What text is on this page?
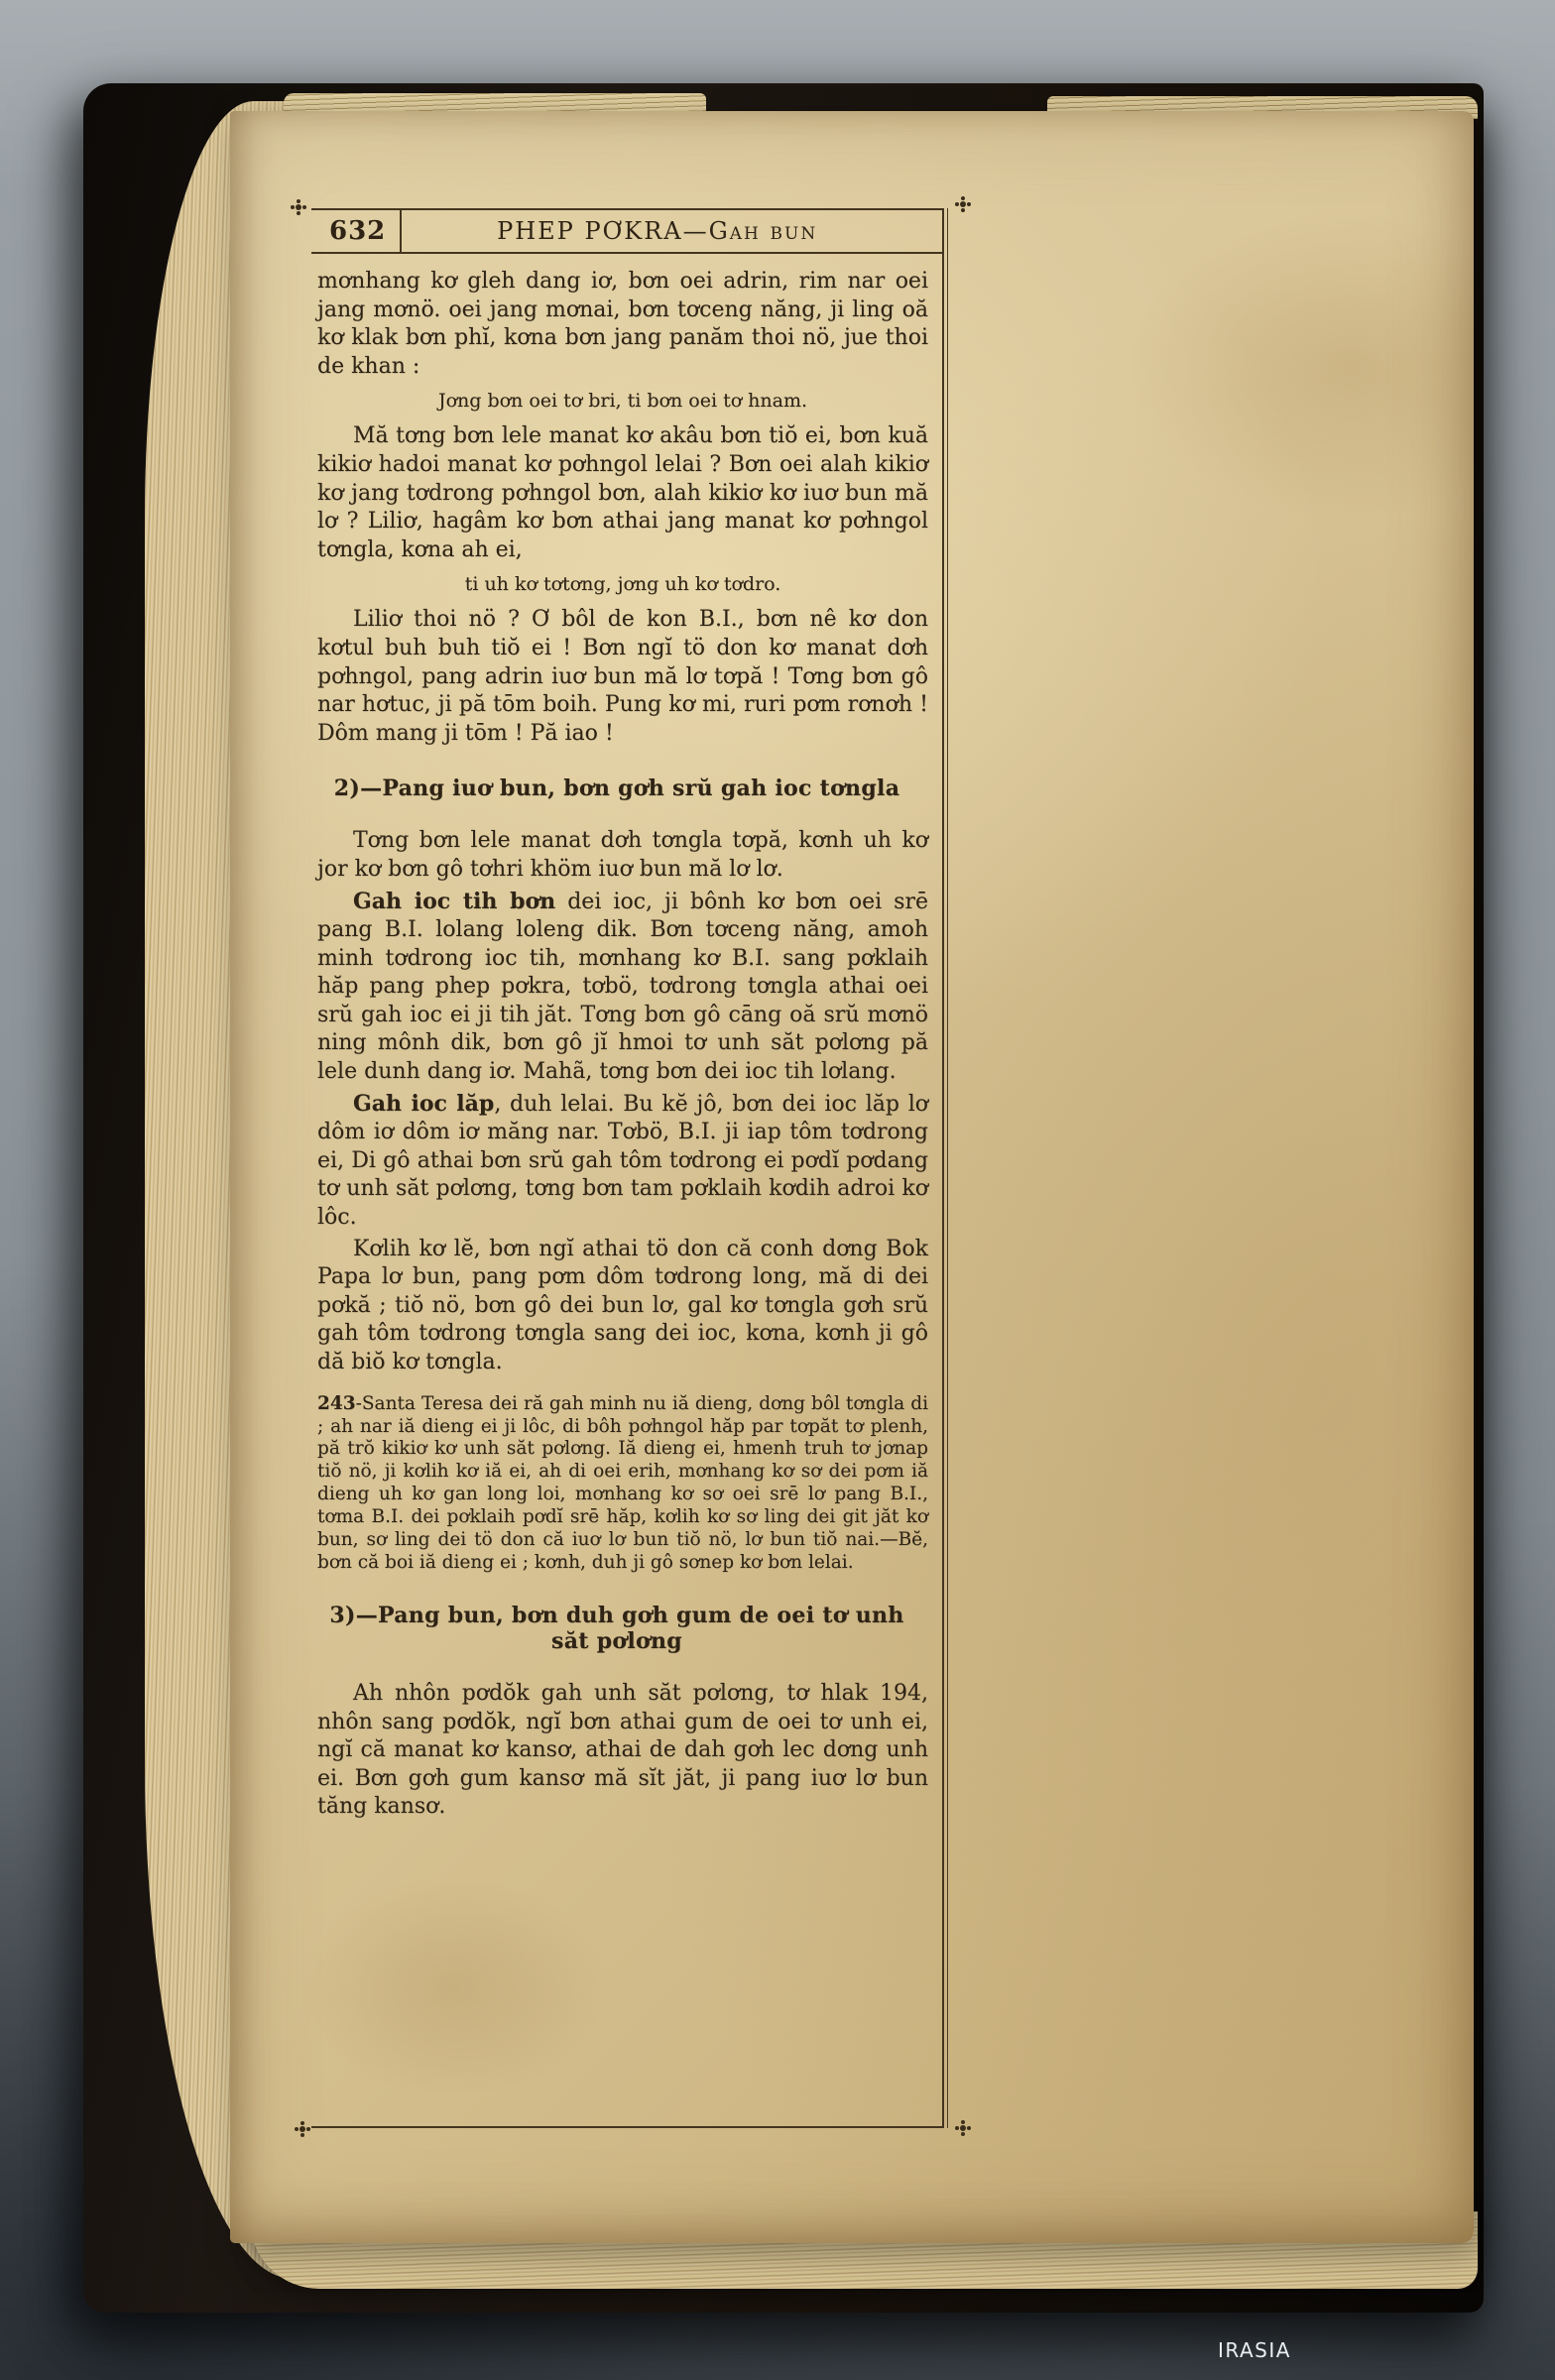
632	PHEP PƠKRA—Gah bun

mơnhang kơ gleh dang iơ, bơn oei adrin, rim nar oei jang mơnö. oei jang mơnai, bơn tơceng năng, ji ling oă kơ klak bơn phĭ, kơna bơn jang panăm thoi nö, jue thoi de khan :

Jơng bơn oei tơ bri, ti bơn oei tơ hnam.

Mă tơng bơn lele manat kơ akâu bơn tiŏ ei, bơn kuă kikiơ hadoi manat kơ pơhngol lelai ? Bơn oei alah kikiơ kơ jang tơdrong pơhngol bơn, alah kikiơ kơ iuơ bun mă lơ ? Liliơ, hagâm kơ bơn athai jang manat kơ pơhngol tơngla, kơna ah ei,

ti uh kơ tơtơng, jơng uh kơ tơdro.

Liliơ thoi nö ? Ơ bôl de kon B.I., bơn nê kơ don kơtul buh buh tiŏ ei ! Bơn ngĭ tö don kơ manat dơh pơhngol, pang adrin iuơ bun mă lơ tơpă ! Tơng bơn gô nar hơtuc, ji pă tōm boih. Pung kơ mi, ruri pơm rơnơh ! Dôm mang ji tōm ! Pă iao !

2)—Pang iuơ bun, bơn gơh srŭ gah ioc tơngla

Tơng bơn lele manat dơh tơngla tơpă, kơnh uh kơ jor kơ bơn gô tơhri khöm iuơ bun mă lơ lơ.

Gah ioc tih bơn dei ioc, ji bônh kơ bơn oei srē pang B.I. lolang loleng dik. Bơn tơceng năng, amoh minh tơdrong ioc tih, mơnhang kơ B.I. sang pơklaih hăp pang phep pơkra, tơbö, tơdrong tơngla athai oei srŭ gah ioc ei ji tih jăt. Tơng bơn gô cāng oă srŭ mơnö ning mônh dik, bơn gô jĭ hmoi tơ unh săt pơlơng pă lele dunh dang iơ. Mahã, tơng bơn dei ioc tih lơlang.

Gah ioc lăp, duh lelai. Bu kĕ jô, bơn dei ioc lăp lơ dôm iơ dôm iơ măng nar. Tơbö, B.I. ji iap tôm tơdrong ei, Di gô athai bơn srŭ gah tôm tơdrong ei pơdĭ pơdang tơ unh săt pơlơng, tơng bơn tam pơklaih kơdih adroi kơ lôc.

Kơlih kơ lĕ, bơn ngĭ athai tö don că conh dơng Bok Papa lơ bun, pang pơm dôm tơdrong long, mă di dei pơkă ; tiŏ nö, bơn gô dei bun lơ, gal kơ tơngla gơh srŭ gah tôm tơdrong tơngla sang dei ioc, kơna, kơnh ji gô dă biŏ kơ tơngla.

243-Santa Teresa dei ră gah minh nu iă dieng, dơng bôl tơngla di ; ah nar iă dieng ei ji lôc, di bôh pơhngol hăp par tơpăt tơ plenh, pă trŏ kikiơ kơ unh săt pơlơng. Iă dieng ei, hmenh truh tơ jơnap tiŏ nö, ji kơlih kơ iă ei, ah di oei erih, mơnhang kơ sơ dei pơm iă dieng uh kơ gan long loi, mơnhang kơ sơ oei srē lơ pang B.I., tơma B.I. dei pơklaih pơdĭ srē hăp, kơlih kơ sơ ling dei git jăt kơ bun, sơ ling dei tö don că iuơ lơ bun tiŏ nö, lơ bun tiŏ nai.—Bĕ, bơn că boi iă dieng ei ; kơnh, duh ji gô sơnep kơ bơn lelai.

3)—Pang bun, bơn duh gơh gum de oei tơ unh săt pơlơng

Ah nhôn pơdŏk gah unh săt pơlơng, tơ hlak 194, nhôn sang pơdŏk, ngĭ bơn athai gum de oei tơ unh ei, ngĭ că manat kơ kansơ, athai de dah gơh lec dơng unh ei. Bơn gơh gum kansơ mă sĭt jăt, ji pang iuơ lơ bun tăng kansơ.

IRASIA
